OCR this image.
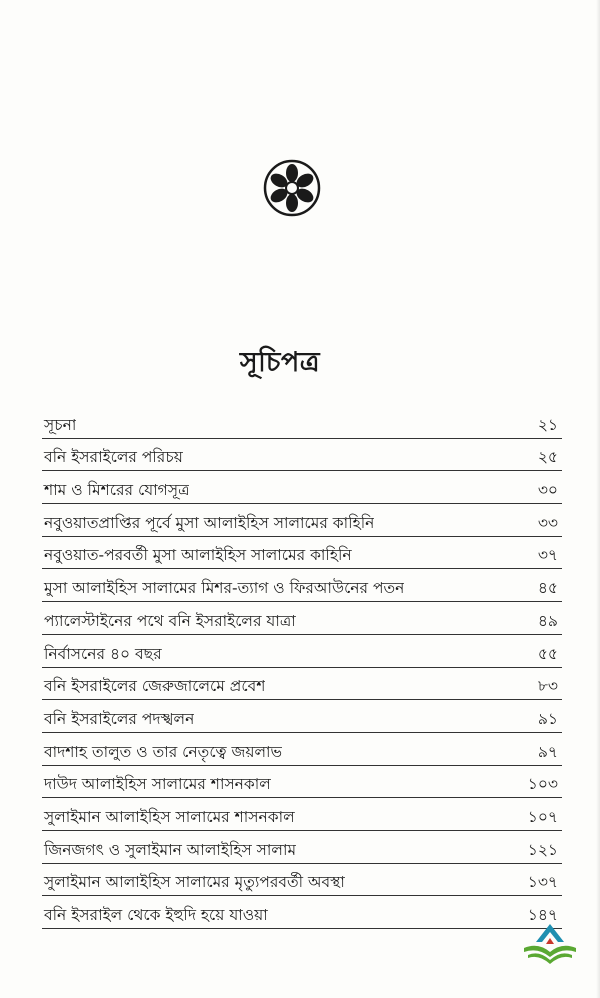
সূচিপত্র
সূচনা	২১
বনি ইসরাইলের পরিচয়	২৫
শাম ও মিশরের যোগসূত্র	৩০
নবুওয়াতপ্রাপ্তির পূর্বে মুসা আলাইহিস সালামের কাহিনি	৩৩
নবুওয়াত-পরবর্তী মুসা আলাইহিস সালামের কাহিনি	৩৭
মুসা আলাইহিস সালামের মিশর-ত্যাগ ও ফিরআউনের পতন	৪৫
প্যালেস্টাইনের পথে বনি ইসরাইলের যাত্রা	৪৯
নির্বাসনের ৪০ বছর	৫৫
বনি ইসরাইলের জেরুজালেমে প্রবেশ	৮৩
বনি ইসরাইলের পদস্খলন	৯১
বাদশাহ তালুত ও তার নেতৃত্বে জয়লাভ	৯৭
দাউদ আলাইহিস সালামের শাসনকাল	১০৩
সুলাইমান আলাইহিস সালামের শাসনকাল	১০৭
জিনজগৎ ও সুলাইমান আলাইহিস সালাম	১২১
সুলাইমান আলাইহিস সালামের মৃত্যুপরবর্তী অবস্থা	১৩৭
বনি ইসরাইল থেকে ইহুদি হয়ে যাওয়া	১৪৭
